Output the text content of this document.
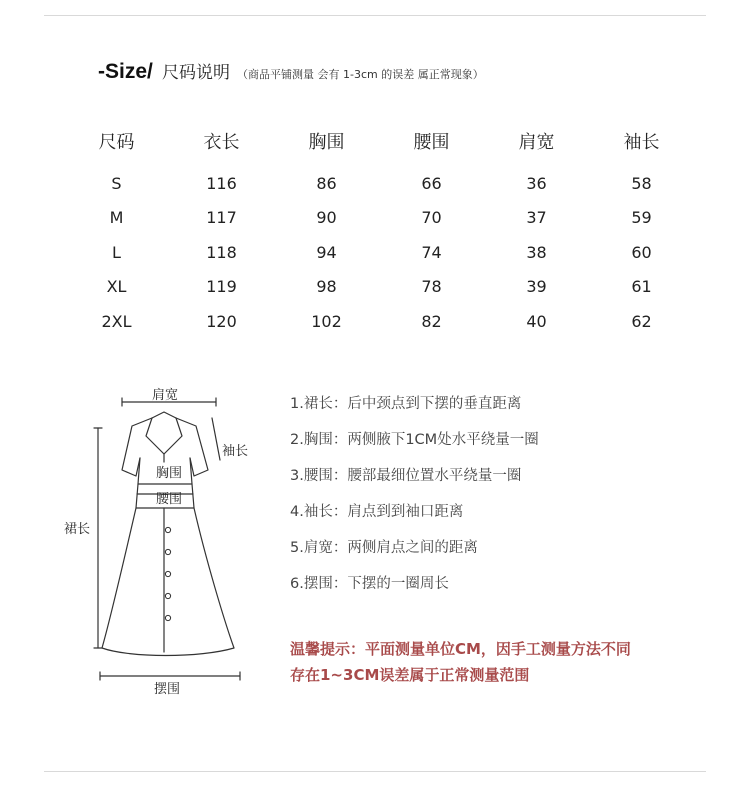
-Size/ 尺码说明 （商品平铺测量 会有 1-3cm 的误差 属正常现象）
尺码	衣长	胸围	腰围	肩宽	袖长
S	116	86	66	36	58
M	117	90	70	37	59
L	118	94	74	38	60
XL	119	98	78	39	61
2XL	120	102	82	40	62
肩宽
袖长
胸围
腰围
裙长
摆围
1.裙长：后中颈点到下摆的垂直距离
2.胸围：两侧腋下1CM处水平绕量一圈
3.腰围：腰部最细位置水平绕量一圈
4.袖长：肩点到到袖口距离
5.肩宽：两侧肩点之间的距离
6.摆围：下摆的一圈周长
温馨提示：平面测量单位CM，因手工测量方法不同
存在1~3CM误差属于正常测量范围
